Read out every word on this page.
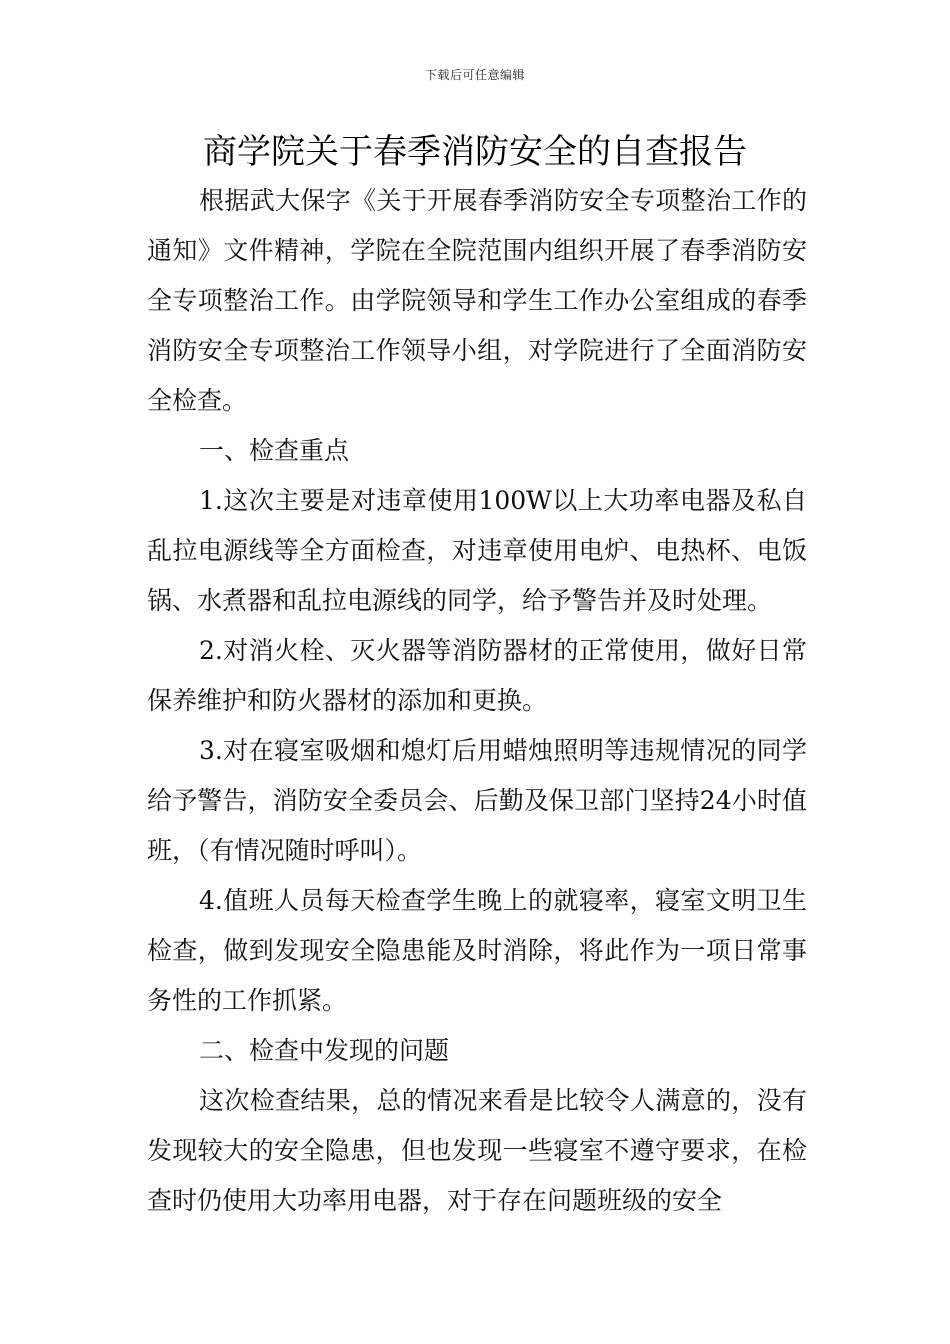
下载后可任意编辑
商学院关于春季消防安全的自查报告

根据武大保字《关于开展春季消防安全专项整治工作的通知》文件精神，学院在全院范围内组织开展了春季消防安全专项整治工作。由学院领导和学生工作办公室组成的春季消防安全专项整治工作领导小组，对学院进行了全面消防安全检查。

一、检查重点

1.这次主要是对违章使用100W以上大功率电器及私自乱拉电源线等全方面检查，对违章使用电炉、电热杯、电饭锅、水煮器和乱拉电源线的同学，给予警告并及时处理。

2.对消火栓、灭火器等消防器材的正常使用，做好日常保养维护和防火器材的添加和更换。

3.对在寝室吸烟和熄灯后用蜡烛照明等违规情况的同学给予警告，消防安全委员会、后勤及保卫部门坚持24小时值班，（有情况随时呼叫）。

4.值班人员每天检查学生晚上的就寝率，寝室文明卫生检查，做到发现安全隐患能及时消除，将此作为一项日常事务性的工作抓紧。

二、检查中发现的问题

这次检查结果，总的情况来看是比较令人满意的，没有发现较大的安全隐患，但也发现一些寝室不遵守要求，在检查时仍使用大功率用电器，对于存在问题班级的安全
